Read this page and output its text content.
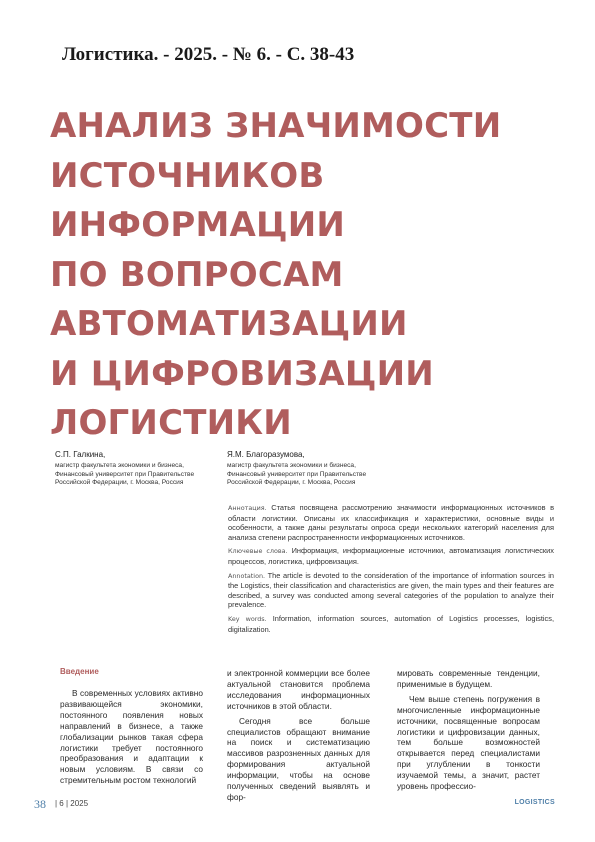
Логистика. - 2025. - № 6. - С. 38-43
АНАЛИЗ ЗНАЧИМОСТИ
ИСТОЧНИКОВ
ИНФОРМАЦИИ
ПО ВОПРОСАМ
АВТОМАТИЗАЦИИ
И ЦИФРОВИЗАЦИИ
ЛОГИСТИКИ
С.П. Галкина,
магистр факультета экономики и бизнеса,
Финансовый университет при Правительстве
Российской Федерации, г. Москва, Россия
Я.М. Благоразумова,
магистр факультета экономики и бизнеса,
Финансовый университет при Правительстве
Российской Федерации, г. Москва, Россия

Аннотация. Статья посвящена рассмотрению значимости информационных источников в области логистики. Описаны их классификация и характеристики, основные виды и особенности, а также даны результаты опроса среди нескольких категорий населения для анализа степени распространенности информационных источников.

Ключевые слова. Информация, информационные источники, автоматизация логистических процессов, логистика, цифровизация.

Annotation. The article is devoted to the consideration of the importance of information sources in the Logistics, their classification and characteristics are given, the main types and their features are described, a survey was conducted among several categories of the population to analyze their prevalence.

Key words. Information, information sources, automation of Logistics processes, logistics, digitalization.

Введение

В современных условиях активно развивающейся экономики, постоянного появления новых направлений в бизнесе, а также глобализации рынков такая сфера логистики требует постоянного преобразования и адаптации к новым условиям. В связи со стремительным ростом технологий

и электронной коммерции все более актуальной становится проблема исследования информационных источников в этой области.

Сегодня все больше специалистов обращают внимание на поиск и систематизацию массивов разрозненных данных для формирования актуальной информации, чтобы на основе полученных сведений выявлять и фор-

мировать современные тенденции, применимые в будущем.

Чем выше степень погружения в многочисленные информационные источники, посвященные вопросам логистики и цифровизации данных, тем больше возможностей открывается перед специалистами при углублении в тонкости изучаемой темы, а значит, растет уровень профессио-

38 | 6 | 2025	LOGISTICS
